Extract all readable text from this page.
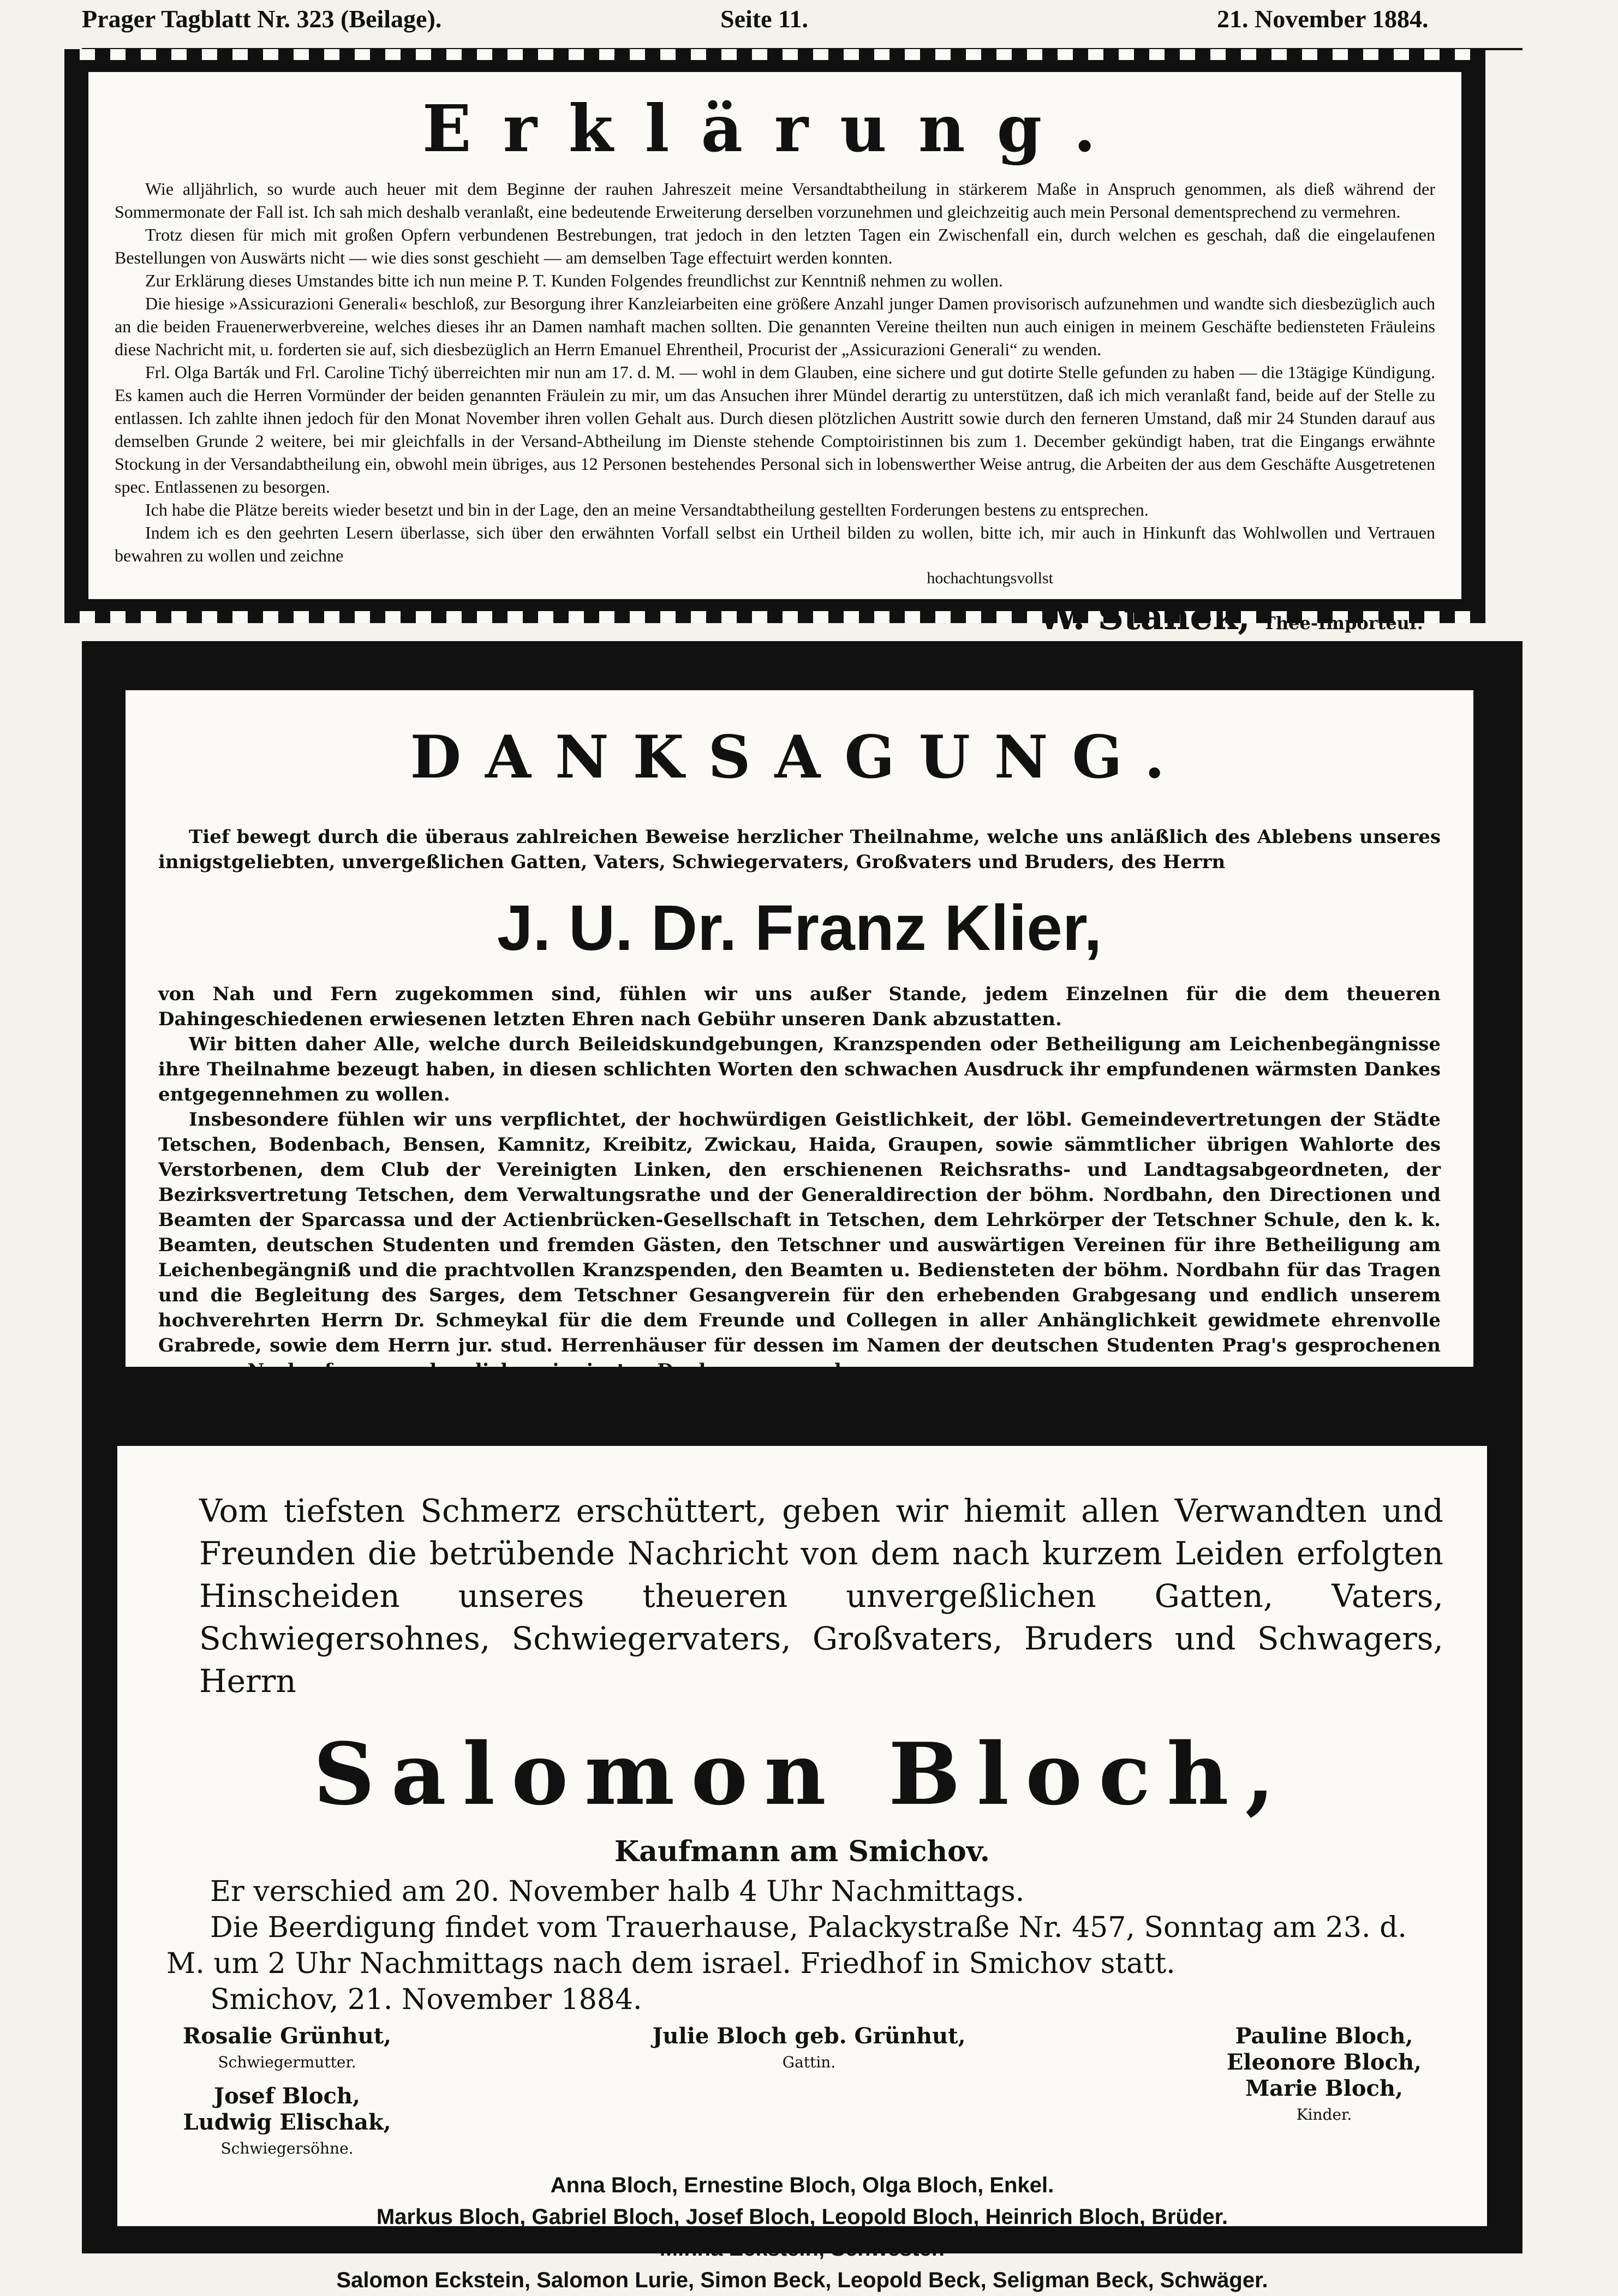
Prager Tagblatt Nr. 323 (Beilage).	Seite 11.	21. November 1884.
Erklärung.

Wie alljährlich, so wurde auch heuer mit dem Beginne der rauhen Jahreszeit meine Versandtabtheilung in stärkerem Maße in Anspruch genommen, als dieß während der Sommermonate der Fall ist. Ich sah mich deshalb veranlaßt, eine bedeutende Erweiterung derselben vorzunehmen und gleichzeitig auch mein Personal dementsprechend zu vermehren.

Trotz diesen für mich mit großen Opfern verbundenen Bestrebungen, trat jedoch in den letzten Tagen ein Zwischenfall ein, durch welchen es geschah, daß die eingelaufenen Bestellungen von Auswärts nicht — wie dies sonst geschieht — am demselben Tage effectuirt werden konnten.

Zur Erklärung dieses Umstandes bitte ich nun meine P. T. Kunden Folgendes freundlichst zur Kenntniß nehmen zu wollen.

Die hiesige »Assicurazioni Generali« beschloß, zur Besorgung ihrer Kanzleiarbeiten eine größere Anzahl junger Damen provisorisch aufzunehmen und wandte sich diesbezüglich auch an die beiden Frauenerwerbvereine, welches dieses ihr an Damen namhaft machen sollten. Die genannten Vereine theilten nun auch einigen in meinem Geschäfte bediensteten Fräuleins diese Nachricht mit, u. forderten sie auf, sich diesbezüglich an Herrn Emanuel Ehrentheil, Procurist der „Assicurazioni Generali“ zu wenden.

Frl. Olga Barták und Frl. Caroline Tichý überreichten mir nun am 17. d. M. — wohl in dem Glauben, eine sichere und gut dotirte Stelle gefunden zu haben — die 13tägige Kündigung. Es kamen auch die Herren Vormünder der beiden genannten Fräulein zu mir, um das Ansuchen ihrer Mündel derartig zu unterstützen, daß ich mich veranlaßt fand, beide auf der Stelle zu entlassen. Ich zahlte ihnen jedoch für den Monat November ihren vollen Gehalt aus. Durch diesen plötzlichen Austritt sowie durch den ferneren Umstand, daß mir 24 Stunden darauf aus demselben Grunde 2 weitere, bei mir gleichfalls in der Versand-Abtheilung im Dienste stehende Comptoiristinnen bis zum 1. December gekündigt haben, trat die Eingangs erwähnte Stockung in der Versandabtheilung ein, obwohl mein übriges, aus 12 Personen bestehendes Personal sich in lobenswerther Weise antrug, die Arbeiten der aus dem Geschäfte Ausgetretenen spec. Entlassenen zu besorgen.

Ich habe die Plätze bereits wieder besetzt und bin in der Lage, den an meine Versandtabtheilung gestellten Forderungen bestens zu entsprechen.

Indem ich es den geehrten Lesern überlasse, sich über den erwähnten Vorfall selbst ein Urtheil bilden zu wollen, bitte ich, mir auch in Hinkunft das Wohlwollen und Vertrauen bewahren zu wollen und zeichne

hochachtungsvollst
W. Staněk, Thee-Importeur.
DANKSAGUNG.

Tief bewegt durch die überaus zahlreichen Beweise herzlicher Theilnahme, welche uns anläßlich des Ablebens unseres innigstgeliebten, unvergeßlichen Gatten, Vaters, Schwiegervaters, Großvaters und Bruders, des Herrn

J. U. Dr. Franz Klier,

von Nah und Fern zugekommen sind, fühlen wir uns außer Stande, jedem Einzelnen für die dem theueren Dahingeschiedenen erwiesenen letzten Ehren nach Gebühr unseren Dank abzustatten.

Wir bitten daher Alle, welche durch Beileidskundgebungen, Kranzspenden oder Betheiligung am Leichenbegängnisse ihre Theilnahme bezeugt haben, in diesen schlichten Worten den schwachen Ausdruck ihr empfundenen wärmsten Dankes entgegennehmen zu wollen.

Insbesondere fühlen wir uns verpflichtet, der hochwürdigen Geistlichkeit, der löbl. Gemeindevertretungen der Städte Tetschen, Bodenbach, Bensen, Kamnitz, Kreibitz, Zwickau, Haida, Graupen, sowie sämmtlicher übrigen Wahlorte des Verstorbenen, dem Club der Vereinigten Linken, den erschienenen Reichsraths- und Landtagsabgeordneten, der Bezirksvertretung Tetschen, dem Verwaltungsrathe und der Generaldirection der böhm. Nordbahn, den Directionen und Beamten der Sparcassa und der Actienbrücken-Gesellschaft in Tetschen, dem Lehrkörper der Tetschner Schule, den k. k. Beamten, deutschen Studenten und fremden Gästen, den Tetschner und auswärtigen Vereinen für ihre Betheiligung am Leichenbegängniß und die prachtvollen Kranzspenden, den Beamten u. Bediensteten der böhm. Nordbahn für das Tragen und die Begleitung des Sarges, dem Tetschner Gesangverein für den erhebenden Grabgesang und endlich unserem hochverehrten Herrn Dr. Schmeykal für die dem Freunde und Collegen in aller Anhänglichkeit gewidmete ehrenvolle Grabrede, sowie dem Herrn jur. stud. Herrenhäuser für dessen im Namen der deutschen Studenten Prag's gesprochenen warmen Nachruf unseren herzlichen, innigsten Dank auszusprechen.

16:6
Tetschen, am 18. November 1884.
Vom tiefsten Schmerz erschüttert, geben wir hiemit allen Verwandten und Freunden die betrübende Nachricht von dem nach kurzem Leiden erfolgten Hinscheiden unseres theueren unvergeßlichen Gatten, Vaters, Schwiegersohnes, Schwiegervaters, Großvaters, Bruders und Schwagers, Herrn
Salomon Bloch,
Kaufmann am Smichov.
Er verschied am 20. November halb 4 Uhr Nachmittags.
Die Beerdigung findet vom Trauerhause, Palackystraße Nr. 457, Sonntag am 23. d. M. um 2 Uhr Nachmittags nach dem israel. Friedhof in Smichov statt.
Smichov, 21. November 1884.
Rosalie Grünhut,
Schwiegermutter.
Josef Bloch,
Ludwig Elischak,
Schwiegersöhne.
Julie Bloch geb. Grünhut,
Gattin.
Pauline Bloch,
Eleonore Bloch,
Marie Bloch,
Kinder.
Anna Bloch, Ernestine Bloch, Olga Bloch, Enkel.
Markus Bloch, Gabriel Bloch, Josef Bloch, Leopold Bloch, Heinrich Bloch, Brüder.
Minna Eckstein, Schwester.
Salomon Eckstein, Salomon Lurie, Simon Beck, Leopold Beck, Seligman Beck, Schwäger.
